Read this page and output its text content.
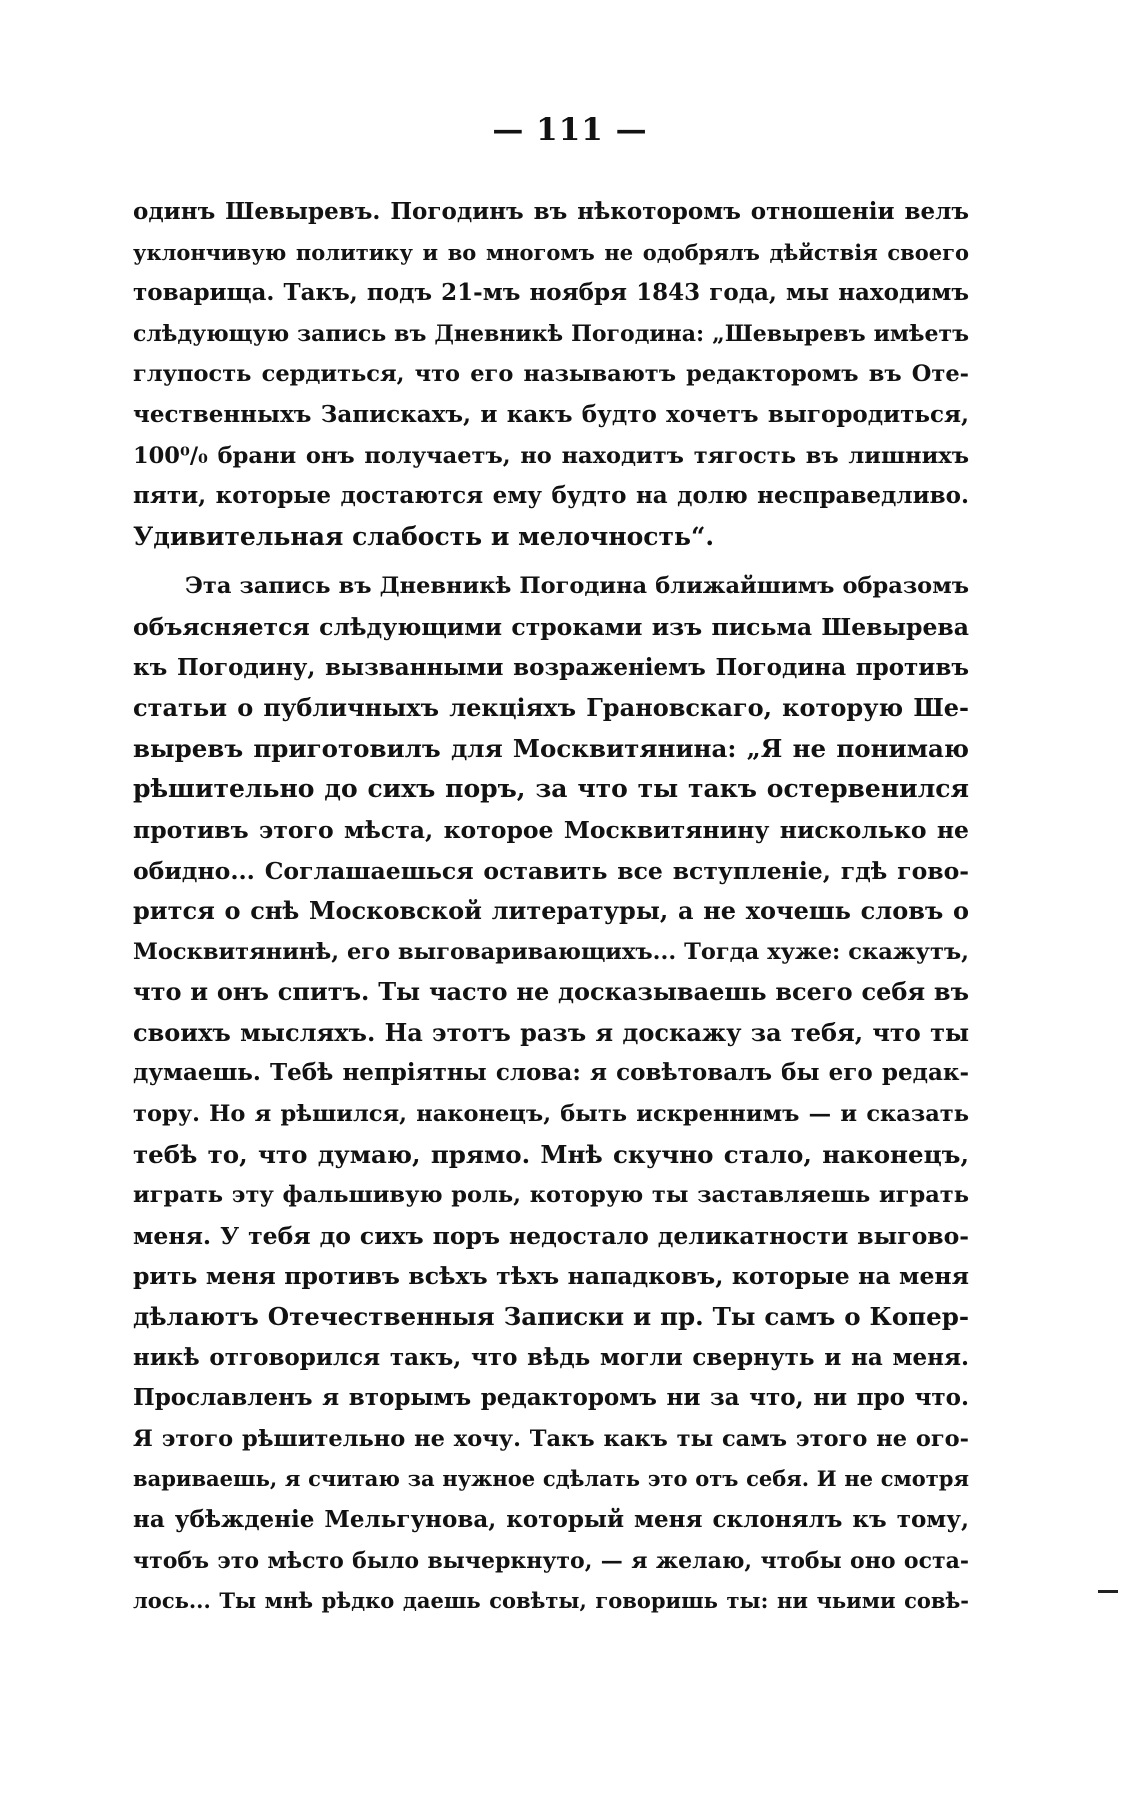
— 111 —
одинъ Шевыревъ. Погодинъ въ нѣкоторомъ отношенiи велъ
уклончивую политику и во многомъ не одобрялъ дѣйствiя своего
товарища. Такъ, подъ 21-мъ ноября 1843 года, мы находимъ
слѣдующую запись въ Дневникѣ Погодина: „Шевыревъ имѣетъ
глупость сердиться, что его называютъ редакторомъ въ Оте-
чественныхъ Запискахъ, и какъ будто хочетъ выгородиться,
100⁰/₀ брани онъ получаетъ, но находитъ тягость въ лишнихъ
пяти, которые достаются ему будто на долю несправедливо.
Удивительная слабость и мелочность“.
Эта запись въ Дневникѣ Погодина ближайшимъ образомъ
объясняется слѣдующими строками изъ письма Шевырева
къ Погодину, вызванными возраженiемъ Погодина противъ
статьи о публичныхъ лекцiяхъ Грановскаго, которую Ше-
выревъ приготовилъ для Москвитянина: „Я не понимаю
рѣшительно до сихъ поръ, за что ты такъ остервенился
противъ этого мѣста, которое Москвитянину нисколько не
обидно... Соглашаешься оставить все вступленiе, гдѣ гово-
рится о снѣ Московской литературы, а не хочешь словъ о
Москвитянинѣ, его выговаривающихъ... Тогда хуже: скажутъ,
что и онъ спитъ. Ты часто не досказываешь всего себя въ
своихъ мысляхъ. На этотъ разъ я доскажу за тебя, что ты
думаешь. Тебѣ непрiятны слова: я совѣтовалъ бы его редак-
тору. Но я рѣшился, наконецъ, быть искреннимъ — и сказать
тебѣ то, что думаю, прямо. Мнѣ скучно стало, наконецъ,
играть эту фальшивую роль, которую ты заставляешь играть
меня. У тебя до сихъ поръ недостало деликатности выгово-
рить меня противъ всѣхъ тѣхъ нападковъ, которые на меня
дѣлаютъ Отечественныя Записки и пр. Ты самъ о Копер-
никѣ отговорился такъ, что вѣдь могли свернуть и на меня.
Прославленъ я вторымъ редакторомъ ни за что, ни про что.
Я этого рѣшительно не хочу. Такъ какъ ты самъ этого не ого-
вариваешь, я считаю за нужное сдѣлать это отъ себя. И не смотря
на убѣжденiе Мельгунова, который меня склонялъ къ тому,
чтобъ это мѣсто было вычеркнуто, — я желаю, чтобы оно оста-
лось... Ты мнѣ рѣдко даешь совѣты, говоришь ты: ни чьими совѣ-
